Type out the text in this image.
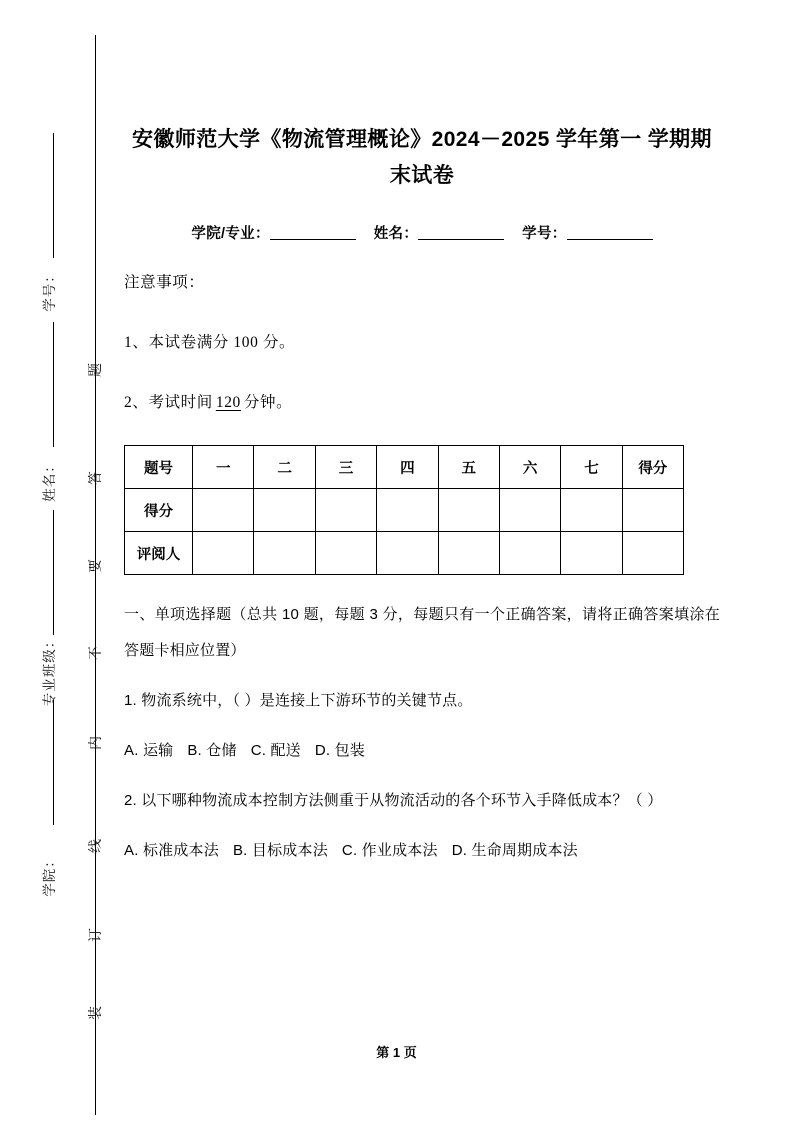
学号：
姓名：
专业班级：
学院：
题
答
要
不
内
线
订
装
安徽师范大学《物流管理概论》2024－2025 学年第一 学期期末试卷
学院/专业：	姓名：	学号：

注意事项：

1、本试卷满分 100 分。

2、考试时间 120 分钟。

题号	一	二	三	四	五	六	七	得分
得分								
评阅人								

一、单项选择题（总共 10 题，每题 3 分，每题只有一个正确答案，请将正确答案填涂在答题卡相应位置）

1. 物流系统中，（ ）是连接上下游环节的关键节点。

A. 运输 B. 仓储 C. 配送 D. 包装

2. 以下哪种物流成本控制方法侧重于从物流活动的各个环节入手降低成本？（ ）

A. 标准成本法 B. 目标成本法 C. 作业成本法 D. 生命周期成本法

第 1 页
